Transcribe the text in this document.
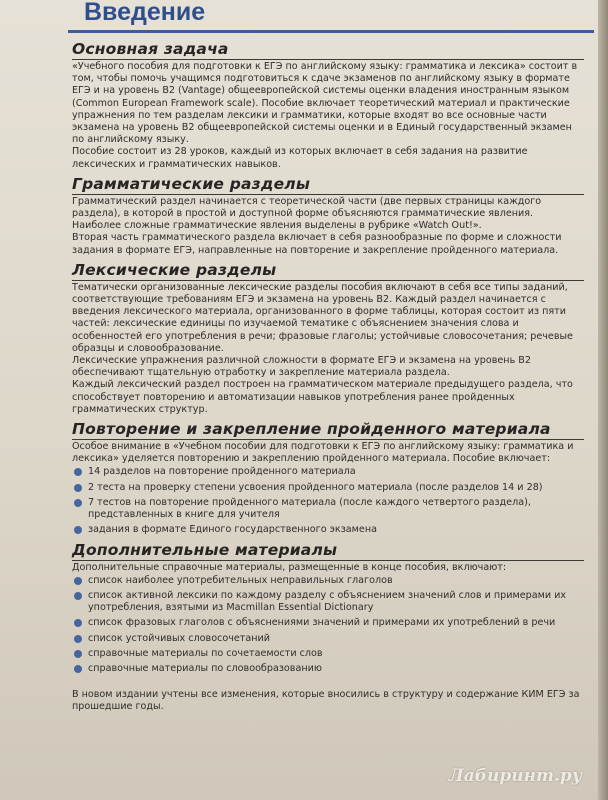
Введение
Основная задача

«Учебного пособия для подготовки к ЕГЭ по английскому языку: грамматика и лексика» состоит в том, чтобы помочь учащимся подготовиться к сдаче экзаменов по английскому языку в формате ЕГЭ и на уровень B2 (Vantage) общеевропейской системы оценки владения иностранным языком (Common European Framework scale). Пособие включает теоретический материал и практические упражнения по тем разделам лексики и грамматики, которые входят во все основные части экзамена на уровень B2 общеевропейской системы оценки и в Единый государственный экзамен по английскому языку.

Пособие состоит из 28 уроков, каждый из которых включает в себя задания на развитие лексических и грамматических навыков.

Грамматические разделы

Грамматический раздел начинается с теоретической части (две первых страницы каждого раздела), в которой в простой и доступной форме объясняются грамматические явления. Наиболее сложные грамматические явления выделены в рубрике «Watch Out!».

Вторая часть грамматического раздела включает в себя разнообразные по форме и сложности задания в формате ЕГЭ, направленные на повторение и закрепление пройденного материала.

Лексические разделы

Тематически организованные лексические разделы пособия включают в себя все типы заданий, соответствующие требованиям ЕГЭ и экзамена на уровень B2. Каждый раздел начинается с введения лексического материала, организованного в форме таблицы, которая состоит из пяти частей: лексические единицы по изучаемой тематике с объяснением значения слова и особенностей его употребления в речи; фразовые глаголы; устойчивые словосочетания; речевые образцы и словообразование.

Лексические упражнения различной сложности в формате ЕГЭ и экзамена на уровень B2 обеспечивают тщательную отработку и закрепление материала раздела.

Каждый лексический раздел построен на грамматическом материале предыдущего раздела, что способствует повторению и автоматизации навыков употребления ранее пройденных грамматических структур.

Повторение и закрепление пройденного материала

Особое внимание в «Учебном пособии для подготовки к ЕГЭ по английскому языку: грамматика и лексика» уделяется повторению и закреплению пройденного материала. Пособие включает:

14 разделов на повторение пройденного материала
2 теста на проверку степени усвоения пройденного материала (после разделов 14 и 28)
7 тестов на повторение пройденного материала (после каждого четвертого раздела), представленных в книге для учителя
задания в формате Единого государственного экзамена
Дополнительные материалы

Дополнительные справочные материалы, размещенные в конце пособия, включают:

список наиболее употребительных неправильных глаголов
список активной лексики по каждому разделу с объяснением значений слов и примерами их употребления, взятыми из Macmillan Essential Dictionary
список фразовых глаголов с объяснениями значений и примерами их употреблений в речи
список устойчивых словосочетаний
справочные материалы по сочетаемости слов
справочные материалы по словообразованию

В новом издании учтены все изменения, которые вносились в структуру и содержание КИМ ЕГЭ за прошедшие годы.

Лабиринт.ру
